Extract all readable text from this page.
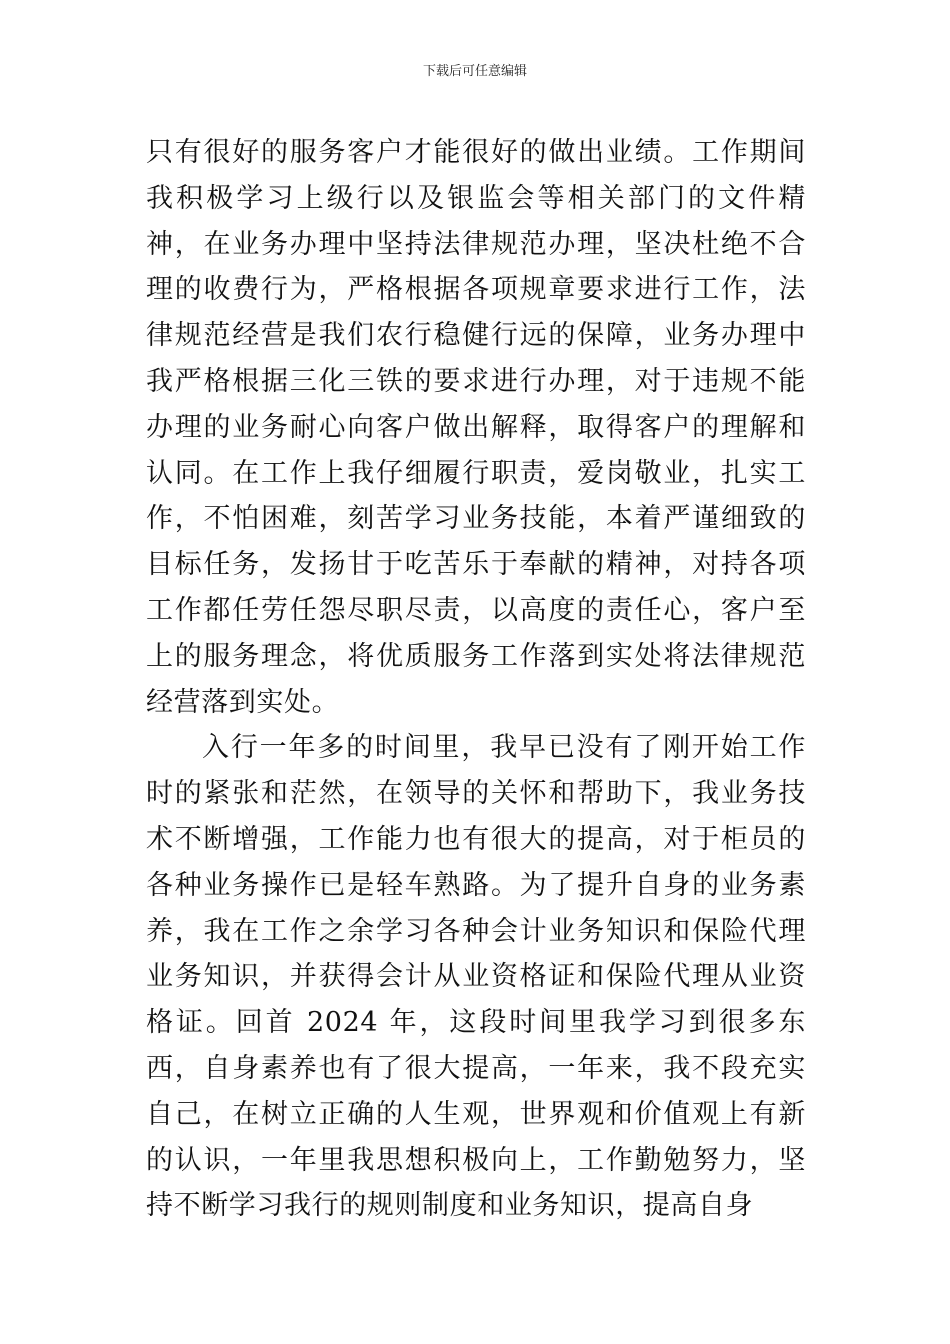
下载后可任意编辑

只有很好的服务客户才能很好的做出业绩。工作期间我积极学习上级行以及银监会等相关部门的文件精神，在业务办理中坚持法律规范办理，坚决杜绝不合理的收费行为，严格根据各项规章要求进行工作，法律规范经营是我们农行稳健行远的保障，业务办理中我严格根据三化三铁的要求进行办理，对于违规不能办理的业务耐心向客户做出解释，取得客户的理解和认同。在工作上我仔细履行职责，爱岗敬业，扎实工作，不怕困难，刻苦学习业务技能，本着严谨细致的目标任务，发扬甘于吃苦乐于奉献的精神，对持各项工作都任劳任怨尽职尽责，以高度的责任心，客户至上的服务理念，将优质服务工作落到实处将法律规范经营落到实处。

入行一年多的时间里，我早已没有了刚开始工作时的紧张和茫然，在领导的关怀和帮助下，我业务技术不断增强，工作能力也有很大的提高，对于柜员的各种业务操作已是轻车熟路。为了提升自身的业务素养，我在工作之余学习各种会计业务知识和保险代理业务知识，并获得会计从业资格证和保险代理从业资格证。回首 2024 年，这段时间里我学习到很多东西，自身素养也有了很大提高，一年来，我不段充实自己，在树立正确的人生观，世界观和价值观上有新的认识，一年里我思想积极向上，工作勤勉努力，坚持不断学习我行的规则制度和业务知识，提高自身
